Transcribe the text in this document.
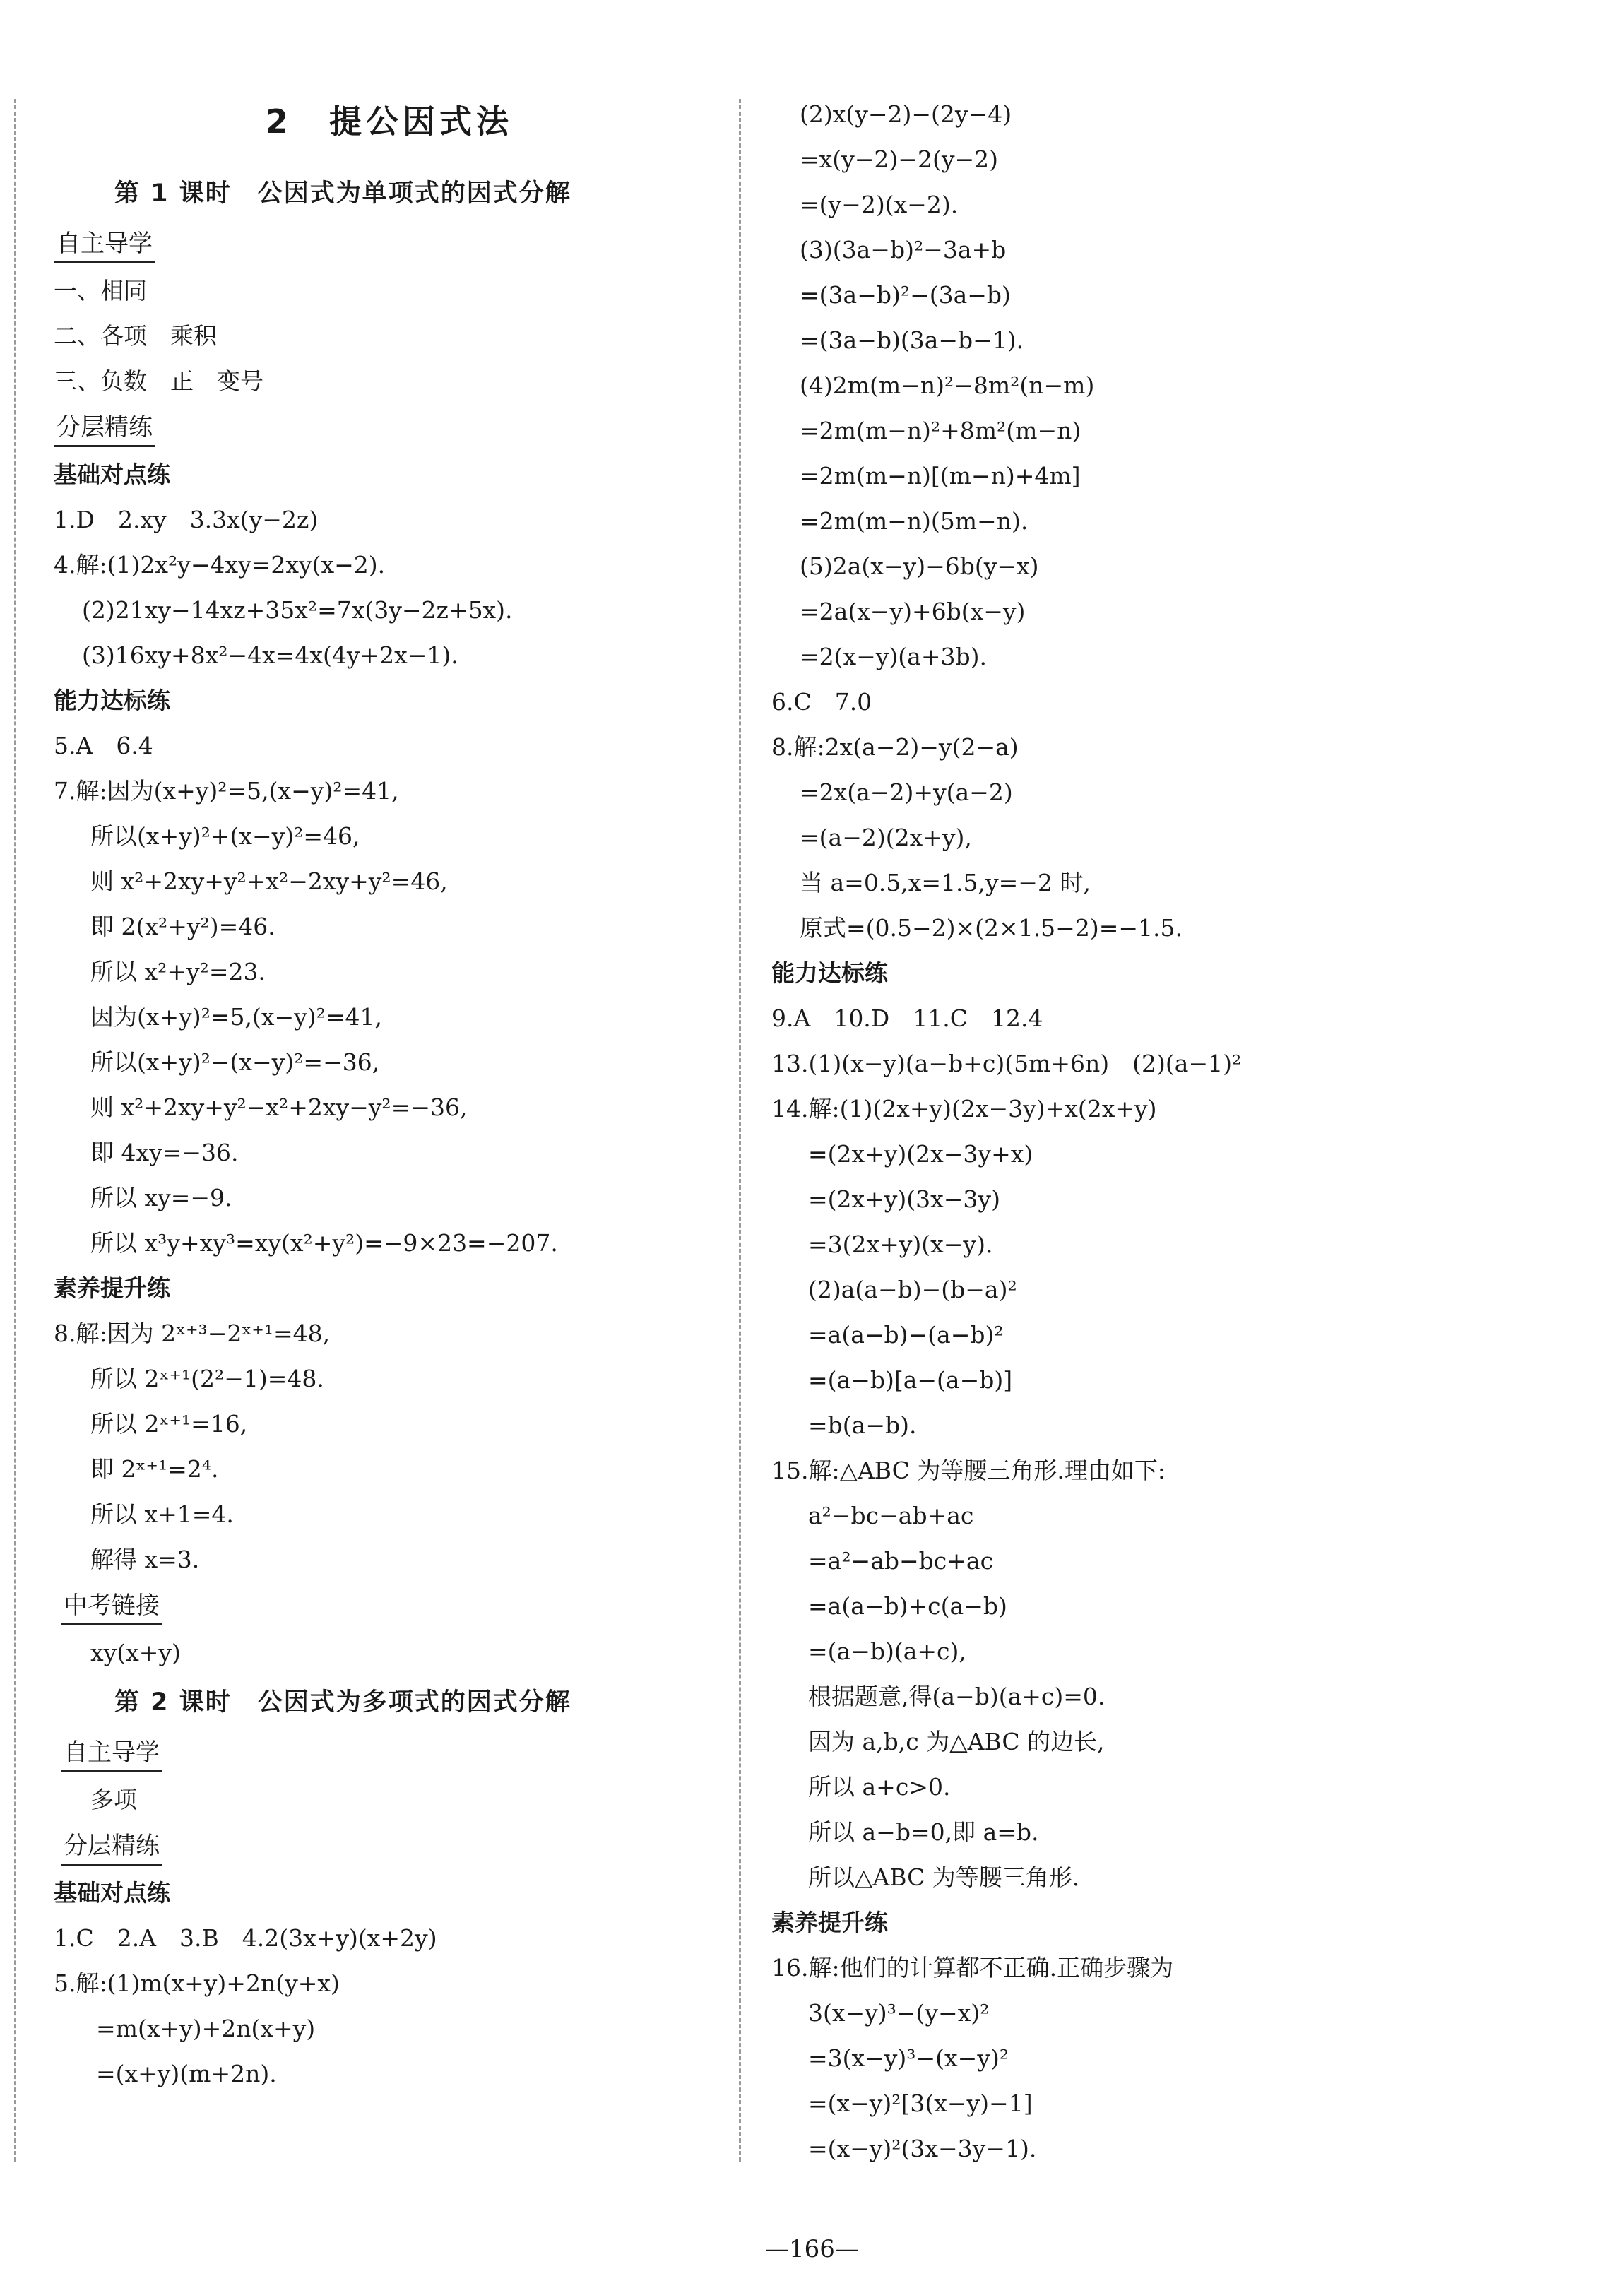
2　提公因式法
第 1 课时　公因式为单项式的因式分解
自主导学
一、相同
二、各项　乘积
三、负数　正　变号
分层精练
基础对点练
1.D　2.xy　3.3x(y−2z)
4.解:(1)2x²y−4xy=2xy(x−2).
(2)21xy−14xz+35x²=7x(3y−2z+5x).
(3)16xy+8x²−4x=4x(4y+2x−1).
能力达标练
5.A　6.4
7.解:因为(x+y)²=5,(x−y)²=41,
所以(x+y)²+(x−y)²=46,
则 x²+2xy+y²+x²−2xy+y²=46,
即 2(x²+y²)=46.
所以 x²+y²=23.
因为(x+y)²=5,(x−y)²=41,
所以(x+y)²−(x−y)²=−36,
则 x²+2xy+y²−x²+2xy−y²=−36,
即 4xy=−36.
所以 xy=−9.
所以 x³y+xy³=xy(x²+y²)=−9×23=−207.
素养提升练
8.解:因为 2ˣ⁺³−2ˣ⁺¹=48,
所以 2ˣ⁺¹(2²−1)=48.
所以 2ˣ⁺¹=16,
即 2ˣ⁺¹=2⁴.
所以 x+1=4.
解得 x=3.
中考链接
xy(x+y)
第 2 课时　公因式为多项式的因式分解
自主导学
多项
分层精练
基础对点练
1.C　2.A　3.B　4.2(3x+y)(x+2y)
5.解:(1)m(x+y)+2n(y+x)
=m(x+y)+2n(x+y)
=(x+y)(m+2n).
(2)x(y−2)−(2y−4)
=x(y−2)−2(y−2)
=(y−2)(x−2).
(3)(3a−b)²−3a+b
=(3a−b)²−(3a−b)
=(3a−b)(3a−b−1).
(4)2m(m−n)²−8m²(n−m)
=2m(m−n)²+8m²(m−n)
=2m(m−n)[(m−n)+4m]
=2m(m−n)(5m−n).
(5)2a(x−y)−6b(y−x)
=2a(x−y)+6b(x−y)
=2(x−y)(a+3b).
6.C　7.0
8.解:2x(a−2)−y(2−a)
=2x(a−2)+y(a−2)
=(a−2)(2x+y),
当 a=0.5,x=1.5,y=−2 时,
原式=(0.5−2)×(2×1.5−2)=−1.5.
能力达标练
9.A　10.D　11.C　12.4
13.(1)(x−y)(a−b+c)(5m+6n)　(2)(a−1)²
14.解:(1)(2x+y)(2x−3y)+x(2x+y)
=(2x+y)(2x−3y+x)
=(2x+y)(3x−3y)
=3(2x+y)(x−y).
(2)a(a−b)−(b−a)²
=a(a−b)−(a−b)²
=(a−b)[a−(a−b)]
=b(a−b).
15.解:△ABC 为等腰三角形.理由如下:
a²−bc−ab+ac
=a²−ab−bc+ac
=a(a−b)+c(a−b)
=(a−b)(a+c),
根据题意,得(a−b)(a+c)=0.
因为 a,b,c 为△ABC 的边长,
所以 a+c>0.
所以 a−b=0,即 a=b.
所以△ABC 为等腰三角形.
素养提升练
16.解:他们的计算都不正确.正确步骤为
3(x−y)³−(y−x)²
=3(x−y)³−(x−y)²
=(x−y)²[3(x−y)−1]
=(x−y)²(3x−3y−1).
—166—
